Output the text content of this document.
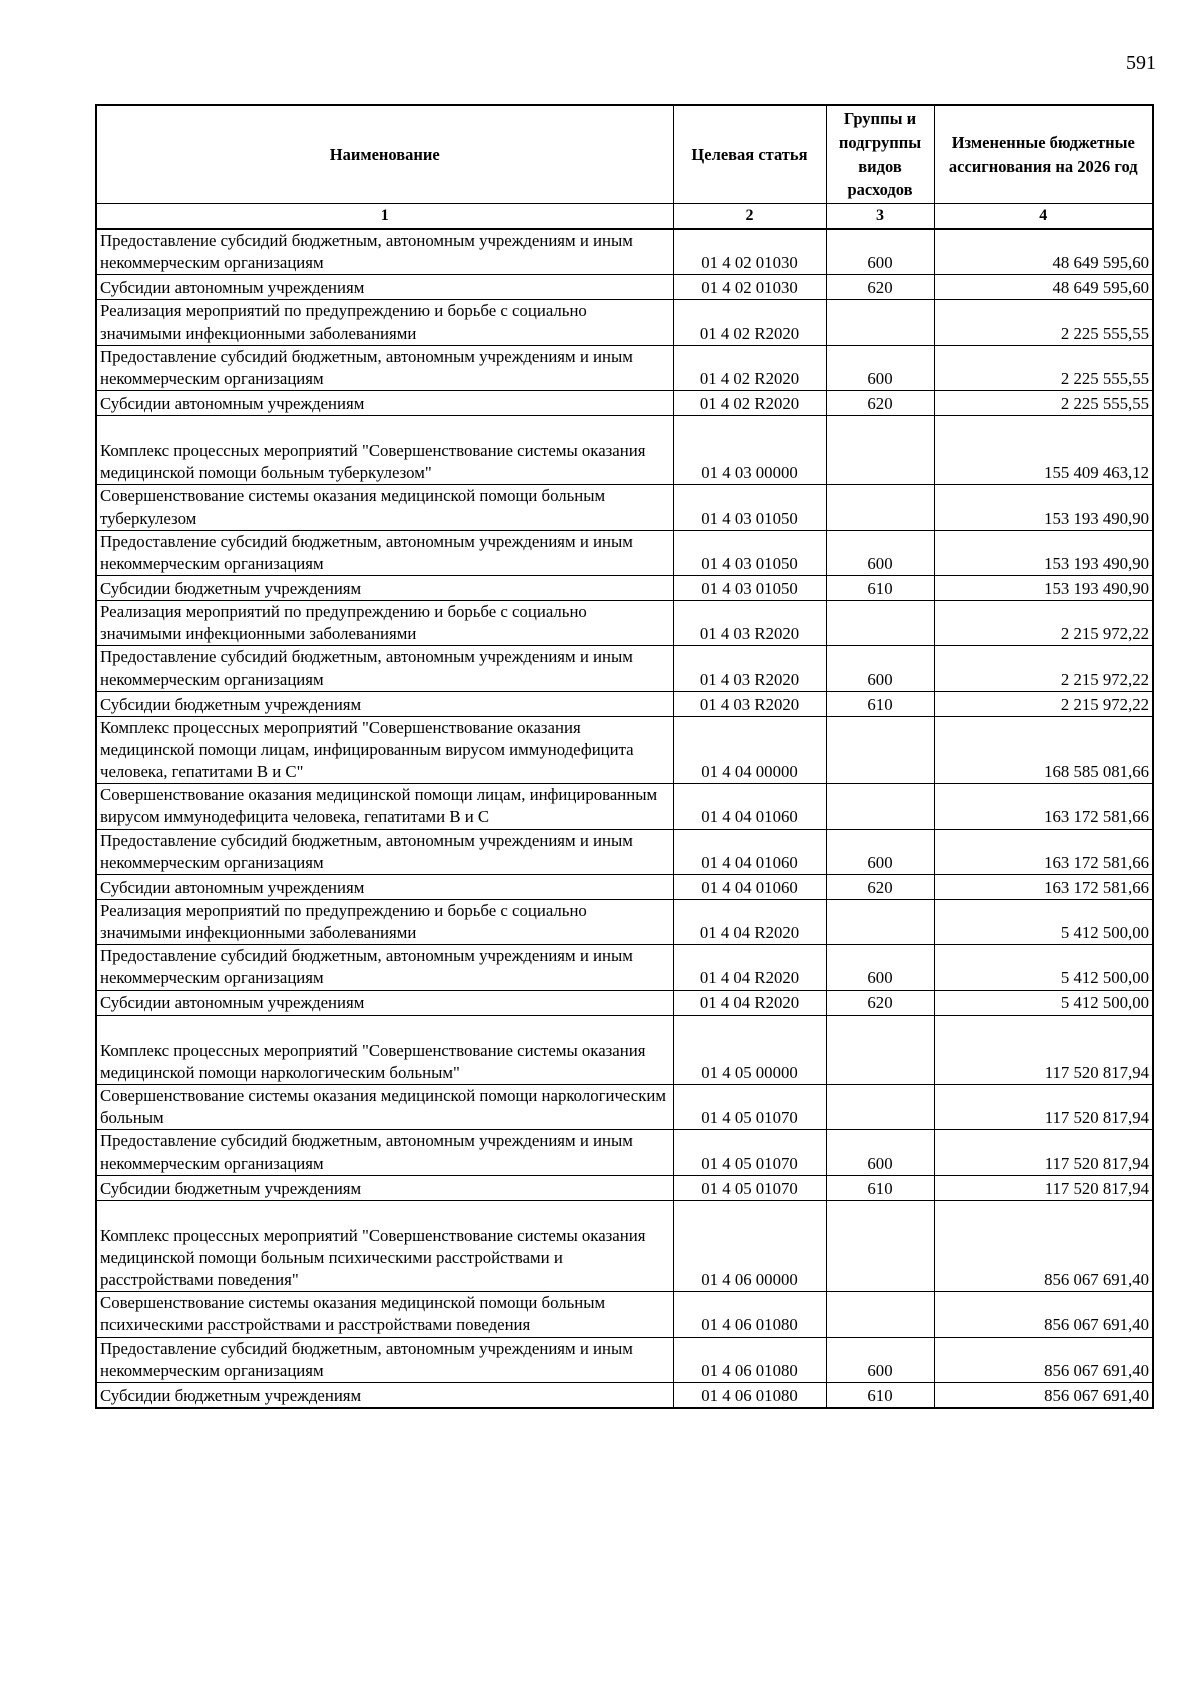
591
Наименование	Целевая статья	Группы и подгруппы видов расходов	Измененные бюджетные ассигнования на 2026 год
1	2	3	4
Предоставление субсидий бюджетным, автономным учреждениям и иным некоммерческим организациям	01 4 02 01030	600	48 649 595,60
Субсидии автономным учреждениям	01 4 02 01030	620	48 649 595,60
Реализация мероприятий по предупреждению и борьбе с социально значимыми инфекционными заболеваниями	01 4 02 R2020		2 225 555,55
Предоставление субсидий бюджетным, автономным учреждениям и иным некоммерческим организациям	01 4 02 R2020	600	2 225 555,55
Субсидии автономным учреждениям	01 4 02 R2020	620	2 225 555,55
Комплекс процессных мероприятий "Совершенствование системы оказания медицинской помощи больным туберкулезом"	01 4 03 00000		155 409 463,12
Совершенствование системы оказания медицинской помощи больным туберкулезом	01 4 03 01050		153 193 490,90
Предоставление субсидий бюджетным, автономным учреждениям и иным некоммерческим организациям	01 4 03 01050	600	153 193 490,90
Субсидии бюджетным учреждениям	01 4 03 01050	610	153 193 490,90
Реализация мероприятий по предупреждению и борьбе с социально значимыми инфекционными заболеваниями	01 4 03 R2020		2 215 972,22
Предоставление субсидий бюджетным, автономным учреждениям и иным некоммерческим организациям	01 4 03 R2020	600	2 215 972,22
Субсидии бюджетным учреждениям	01 4 03 R2020	610	2 215 972,22
Комплекс процессных мероприятий "Совершенствование оказания медицинской помощи лицам, инфицированным вирусом иммунодефицита человека, гепатитами В и С"	01 4 04 00000		168 585 081,66
Совершенствование оказания медицинской помощи лицам, инфицированным вирусом иммунодефицита человека, гепатитами В и С	01 4 04 01060		163 172 581,66
Предоставление субсидий бюджетным, автономным учреждениям и иным некоммерческим организациям	01 4 04 01060	600	163 172 581,66
Субсидии автономным учреждениям	01 4 04 01060	620	163 172 581,66
Реализация мероприятий по предупреждению и борьбе с социально значимыми инфекционными заболеваниями	01 4 04 R2020		5 412 500,00
Предоставление субсидий бюджетным, автономным учреждениям и иным некоммерческим организациям	01 4 04 R2020	600	5 412 500,00
Субсидии автономным учреждениям	01 4 04 R2020	620	5 412 500,00
Комплекс процессных мероприятий "Совершенствование системы оказания медицинской помощи наркологическим больным"	01 4 05 00000		117 520 817,94
Совершенствование системы оказания медицинской помощи наркологическим больным	01 4 05 01070		117 520 817,94
Предоставление субсидий бюджетным, автономным учреждениям и иным некоммерческим организациям	01 4 05 01070	600	117 520 817,94
Субсидии бюджетным учреждениям	01 4 05 01070	610	117 520 817,94
Комплекс процессных мероприятий "Совершенствование системы оказания медицинской помощи больным психическими расстройствами и расстройствами поведения"	01 4 06 00000		856 067 691,40
Совершенствование системы оказания медицинской помощи больным психическими расстройствами и расстройствами поведения	01 4 06 01080		856 067 691,40
Предоставление субсидий бюджетным, автономным учреждениям и иным некоммерческим организациям	01 4 06 01080	600	856 067 691,40
Субсидии бюджетным учреждениям	01 4 06 01080	610	856 067 691,40
